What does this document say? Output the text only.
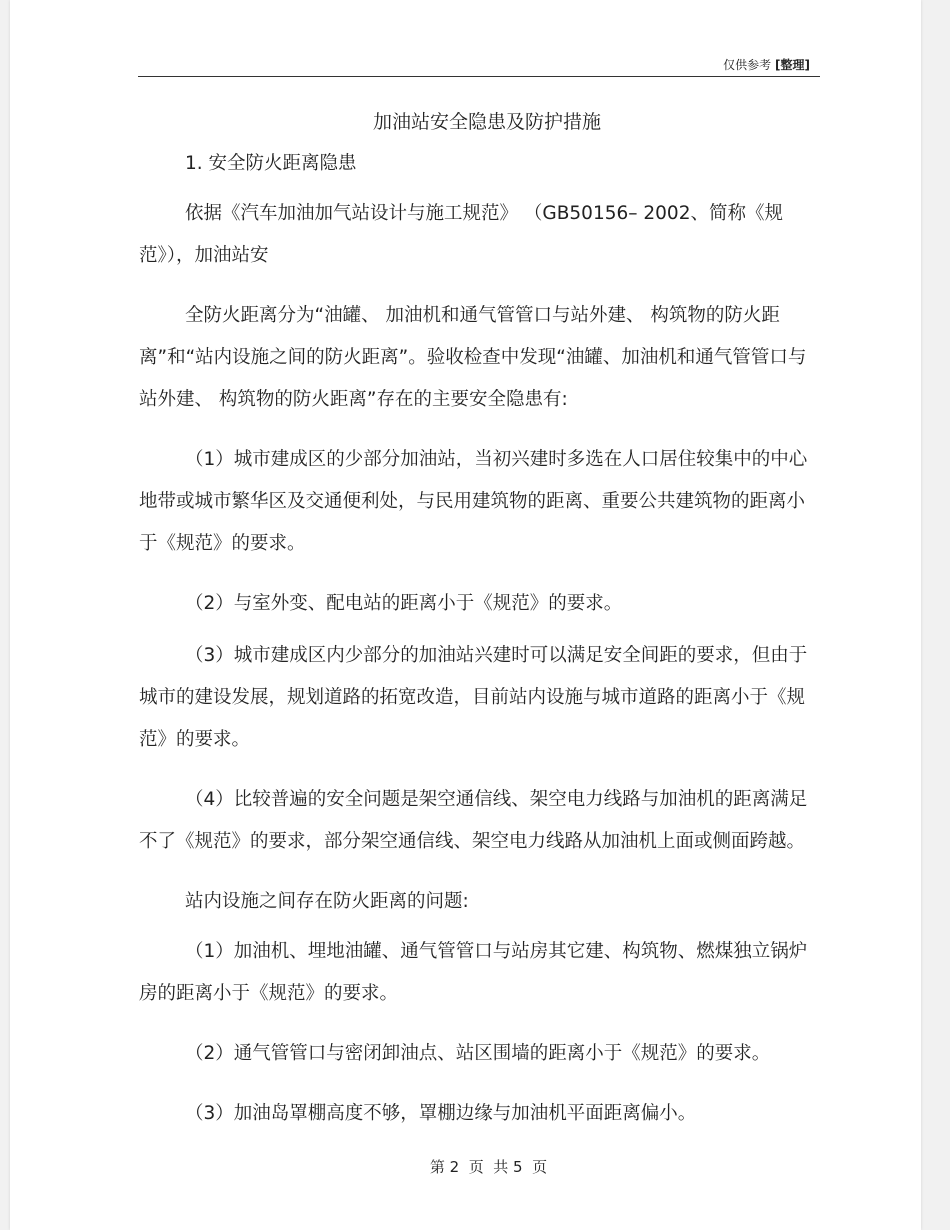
仅供参考 [整理]
加油站安全隐患及防护措施
1. 安全防火距离隐患

依据《汽车加油加气站设计与施工规范》 （GB50156– 2002、简称《规范》），加油站安

全防火距离分为“油罐、 加油机和通气管管口与站外建、 构筑物的防火距离”和“站内设施之间的防火距离”。验收检查中发现“油罐、加油机和通气管管口与站外建、 构筑物的防火距离”存在的主要安全隐患有:

（1）城市建成区的少部分加油站，当初兴建时多选在人口居住较集中的中心地带或城市繁华区及交通便利处，与民用建筑物的距离、重要公共建筑物的距离小于《规范》的要求。

（2）与室外变、配电站的距离小于《规范》的要求。

（3）城市建成区内少部分的加油站兴建时可以满足安全间距的要求，但由于城市的建设发展，规划道路的拓宽改造，目前站内设施与城市道路的距离小于《规范》的要求。

（4）比较普遍的安全问题是架空通信线、架空电力线路与加油机的距离满足不了《规范》的要求，部分架空通信线、架空电力线路从加油机上面或侧面跨越。

站内设施之间存在防火距离的问题:

（1）加油机、埋地油罐、通气管管口与站房其它建、构筑物、燃煤独立锅炉房的距离小于《规范》的要求。

（2）通气管管口与密闭卸油点、站区围墙的距离小于《规范》的要求。

（3）加油岛罩棚高度不够，罩棚边缘与加油机平面距离偏小。

第 2  页  共 5  页
